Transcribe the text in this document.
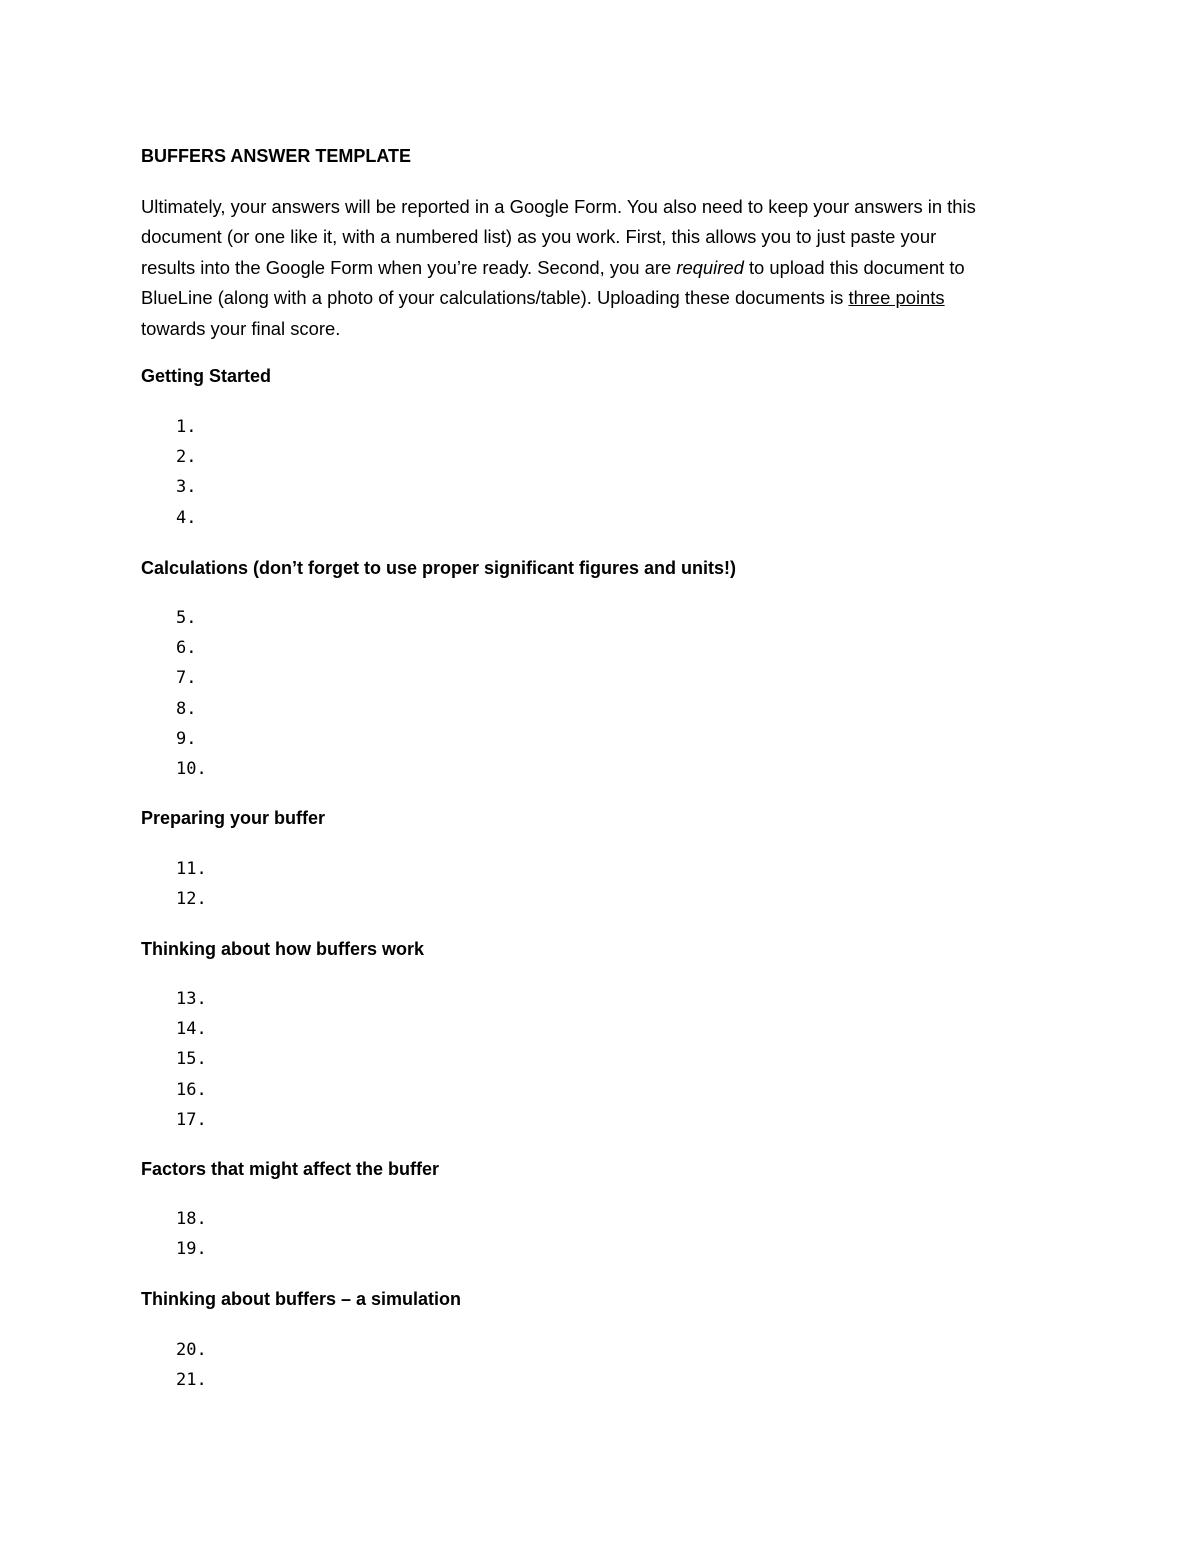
BUFFERS ANSWER TEMPLATE
Ultimately, your answers will be reported in a Google Form. You also need to keep your answers in this
document (or one like it, with a numbered list) as you work. First, this allows you to just paste your
results into the Google Form when you’re ready. Second, you are required to upload this document to
BlueLine (along with a photo of your calculations/table). Uploading these documents is three points
towards your final score.
Getting Started
1.
2.
3.
4.
Calculations (don’t forget to use proper significant figures and units!)
5.
6.
7.
8.
9.
10.
Preparing your buffer
11.
12.
Thinking about how buffers work
13.
14.
15.
16.
17.
Factors that might affect the buffer
18.
19.
Thinking about buffers – a simulation
20.
21.
